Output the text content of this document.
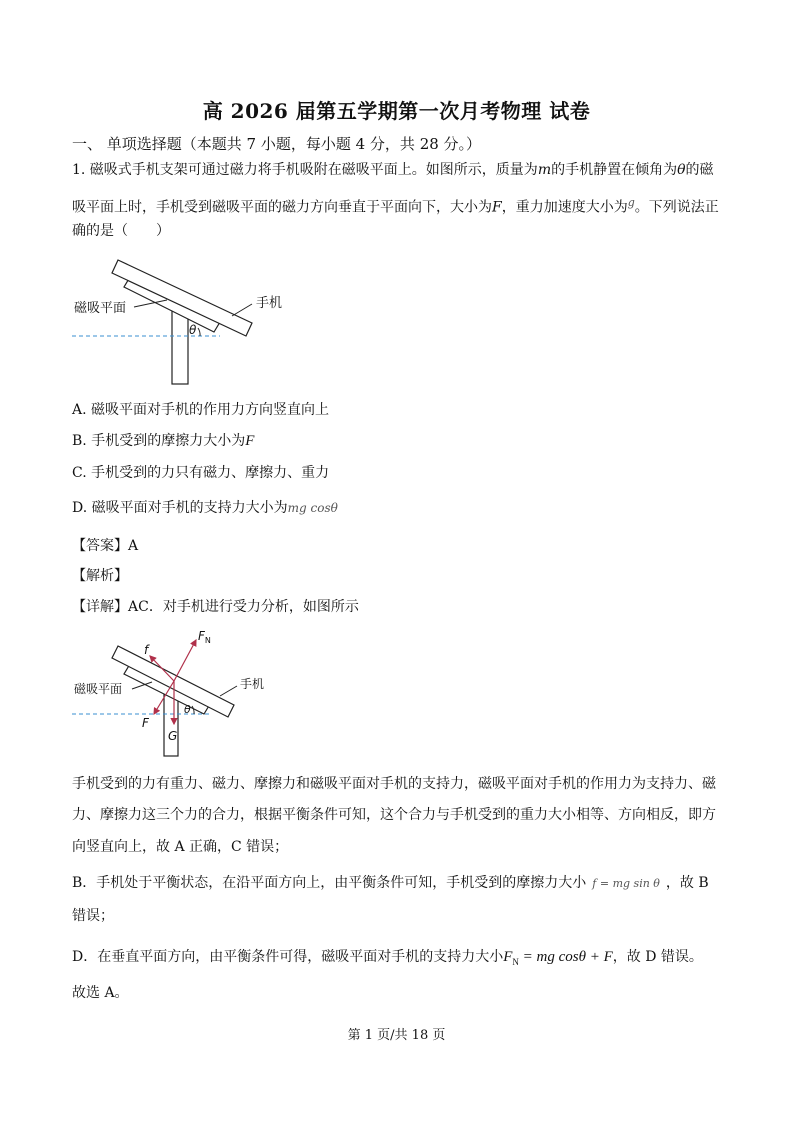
高 2026 届第五学期第一次月考物理 试卷
一、 单项选择题（本题共 7 小题，每小题 4 分，共 28 分。）
1. 磁吸式手机支架可通过磁力将手机吸附在磁吸平面上。如图所示，质量为m的手机静置在倾角为θ的磁
吸平面上时，手机受到磁吸平面的磁力方向垂直于平面向下，大小为F，重力加速度大小为$^g$。下列说法正
确的是（　　）
磁吸平面	手机
θ
A. 磁吸平面对手机的作用力方向竖直向上
B. 手机受到的摩擦力大小为F
C. 手机受到的力只有磁力、摩擦力、重力
D. 磁吸平面对手机的支持力大小为mg cosθ
【答案】A
【解析】
【详解】AC．对手机进行受力分析，如图所示
$F_N$
f
F
G
θ
磁吸平面	手机
手机受到的力有重力、磁力、摩擦力和磁吸平面对手机的支持力，磁吸平面对手机的作用力为支持力、磁
力、摩擦力这三个力的合力，根据平衡条件可知，这个合力与手机受到的重力大小相等、方向相反，即方
向竖直向上，故 A 正确，C 错误；
B．手机处于平衡状态，在沿平面方向上，由平衡条件可知，手机受到的摩擦力大小 f = mg sin θ ，故 B
错误；
D．在垂直平面方向，由平衡条件可得，磁吸平面对手机的支持力大小$F_N$ = mg cosθ + F，故 D 错误。
故选 A。
第 1 页/共 18 页
